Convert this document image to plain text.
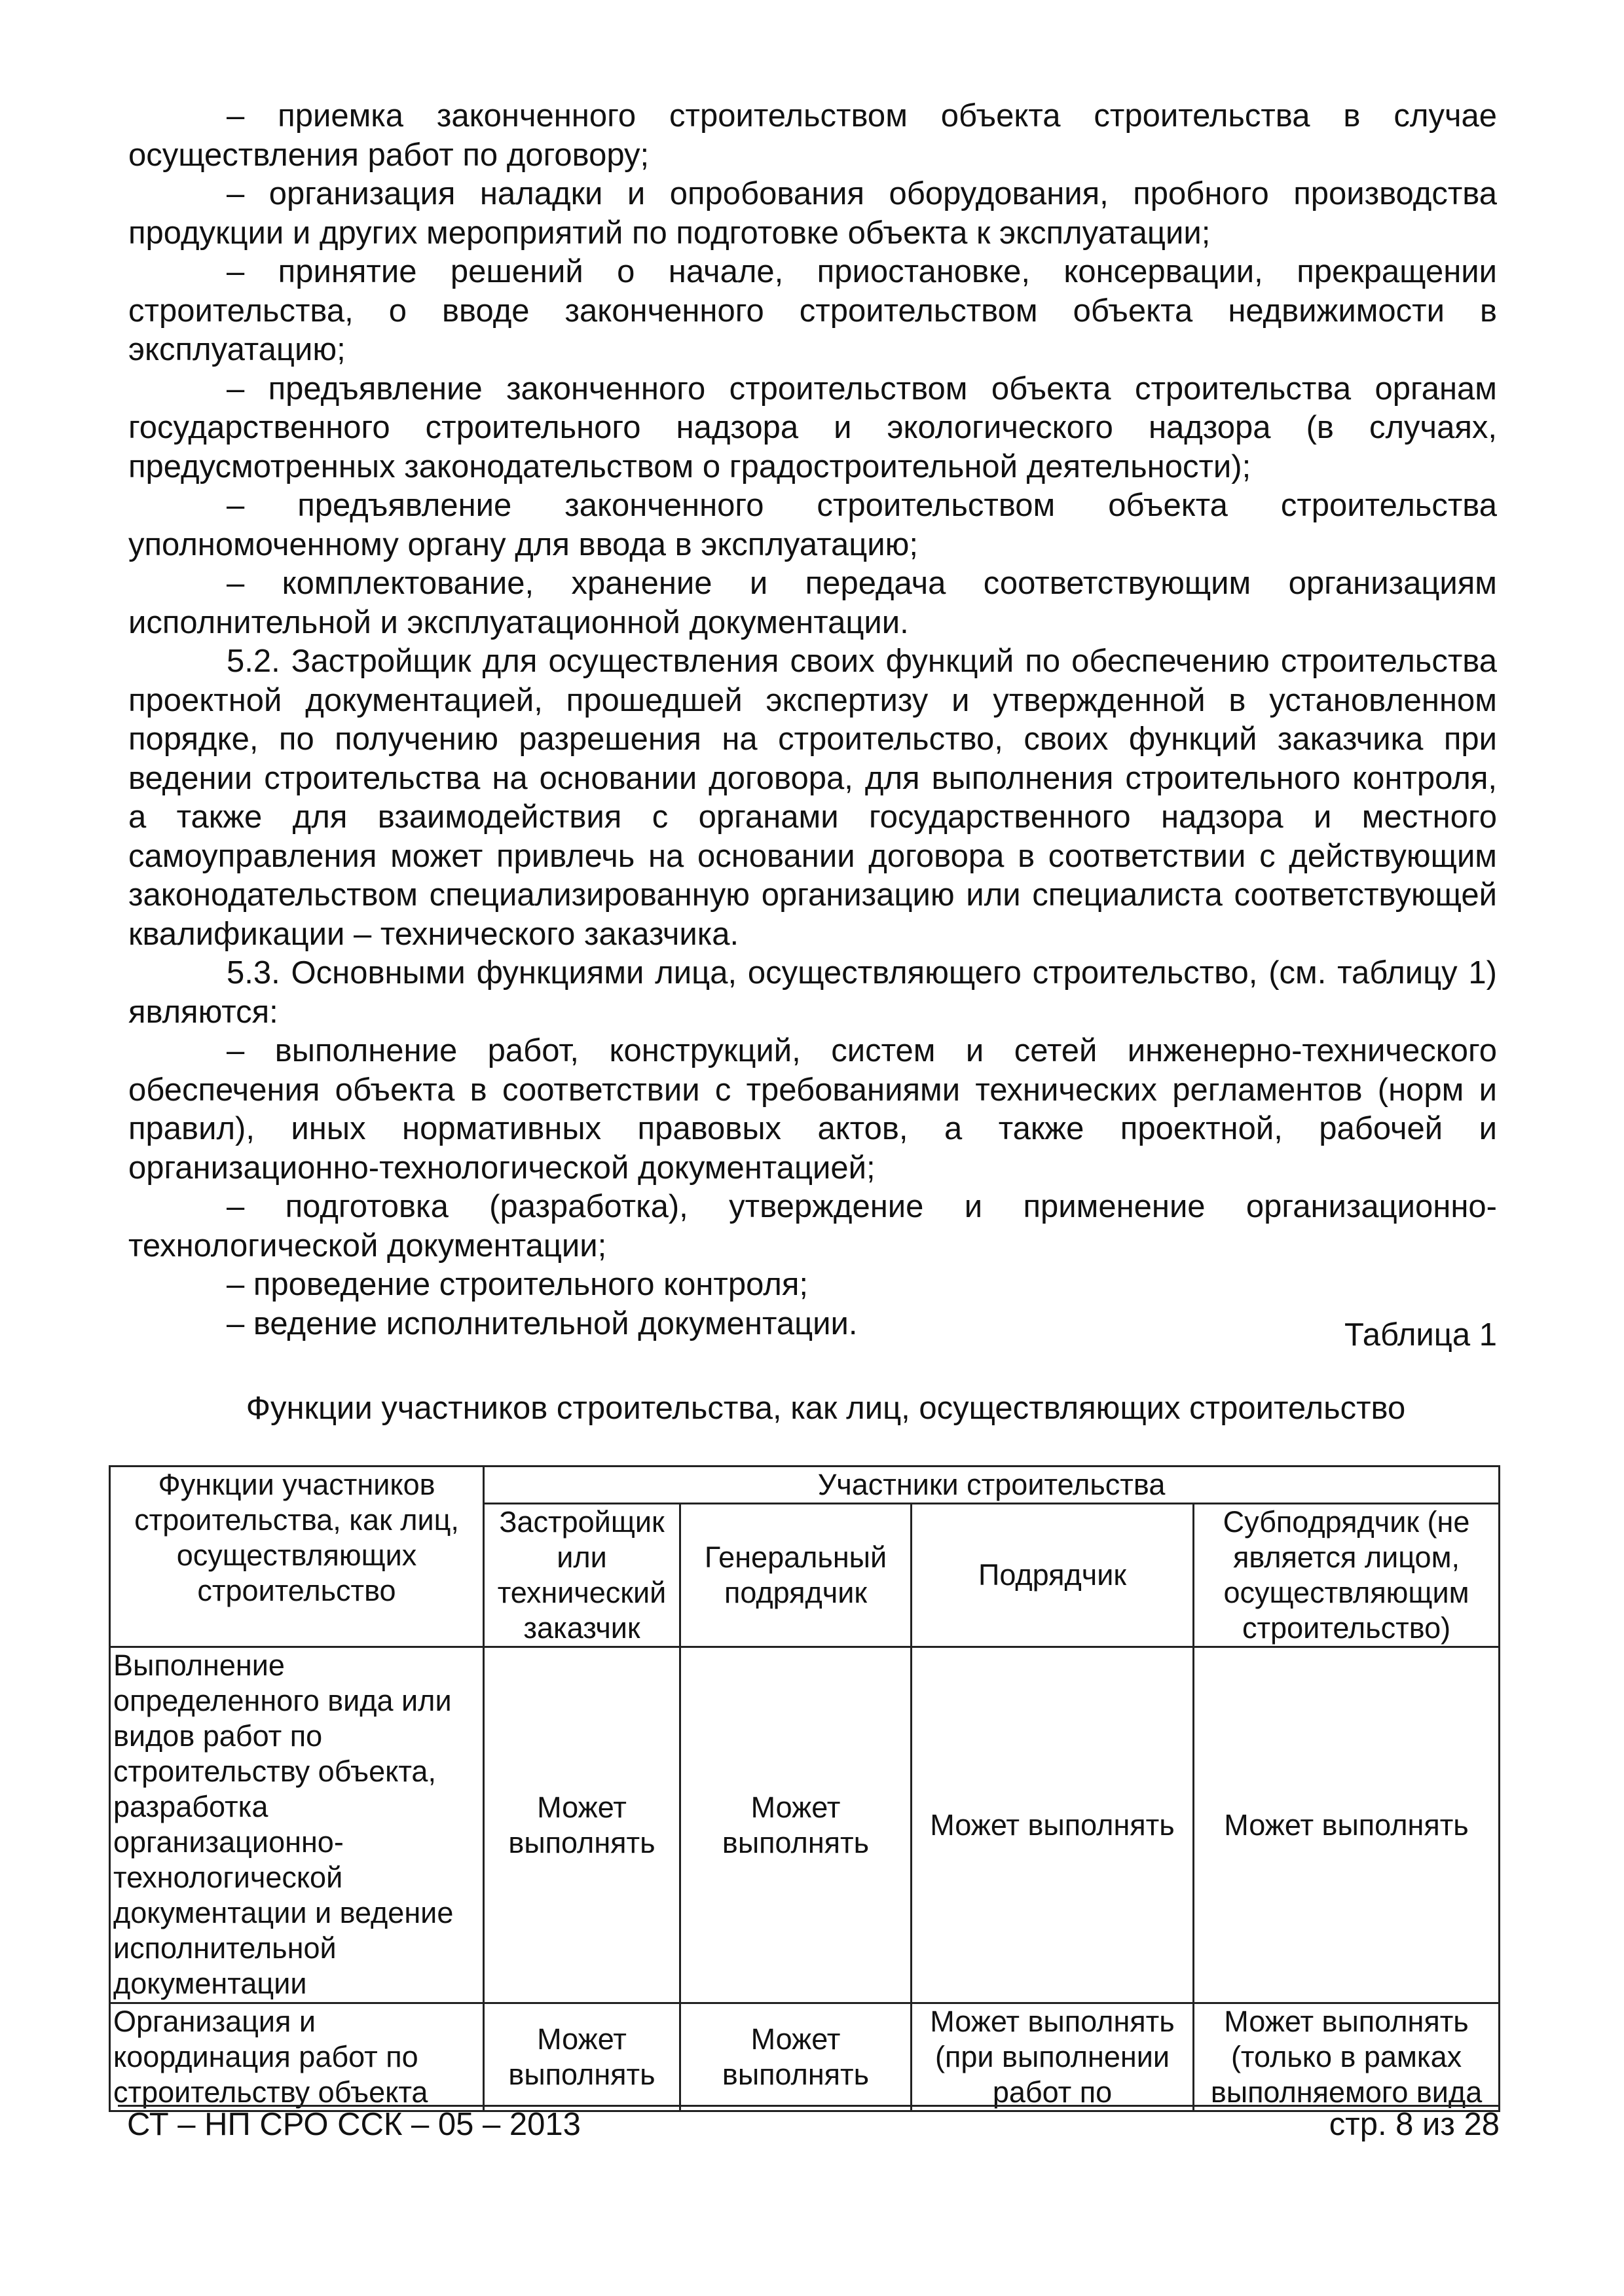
– приемка законченного строительством объекта строительства в случае осуществления работ по договору;

– организация наладки и опробования оборудования, пробного производства продукции и других мероприятий по подготовке объекта к эксплуатации;

– принятие решений о начале, приостановке, консервации, прекращении строительства, о вводе законченного строительством объекта недвижимости в эксплуатацию;

– предъявление законченного строительством объекта строительства органам государственного строительного надзора и экологического надзора (в случаях, предусмотренных законодательством о градостроительной деятельности);

– предъявление законченного строительством объекта строительства уполномоченному органу для ввода в эксплуатацию;

– комплектование, хранение и передача соответствующим организациям исполнительной и эксплуатационной документации.

5.2. Застройщик для осуществления своих функций по обеспечению строительства проектной документацией, прошедшей экспертизу и утвержденной в установленном порядке, по получению разрешения на строительство, своих функций заказчика при ведении строительства на основании договора, для выполнения строительного контроля, а также для взаимодействия с органами государственного надзора и местного самоуправления может привлечь на основании договора в соответствии с действующим законодательством специализированную организацию или специалиста соответствующей квалификации – технического заказчика.

5.3. Основными функциями лица, осуществляющего строительство, (см. таблицу 1) являются:

– выполнение работ, конструкций, систем и сетей инженерно-технического обеспечения объекта в соответствии с требованиями технических регламентов (норм и правил), иных нормативных правовых актов, а также проектной, рабочей и организационно-технологической документацией;

– подготовка (разработка), утверждение и применение организационно-технологической документации;

– проведение строительного контроля;

– ведение исполнительной документации.	Таблица 1
Функции участников строительства, как лиц, осуществляющих строительство
Функции участников строительства, как лиц, осуществляющих строительство	Участники строительства			
	Застройщик или технический заказчик	Генеральный подрядчик	Подрядчик	Субподрядчик (не является лицом, осуществляющим строительство)
Выполнение определенного вида или видов работ по строительству объекта, разработка организационно-технологической документации и ведение исполнительной документации	Может выполнять	Может выполнять	Может выполнять	Может выполнять
Организация и координация работ по строительству объекта	Может выполнять	Может выполнять	Может выполнять (при выполнении работ по	Может выполнять (только в рамках выполняемого вида
СТ – НП СРО ССК – 05 – 2013	стр. 8 из 28
